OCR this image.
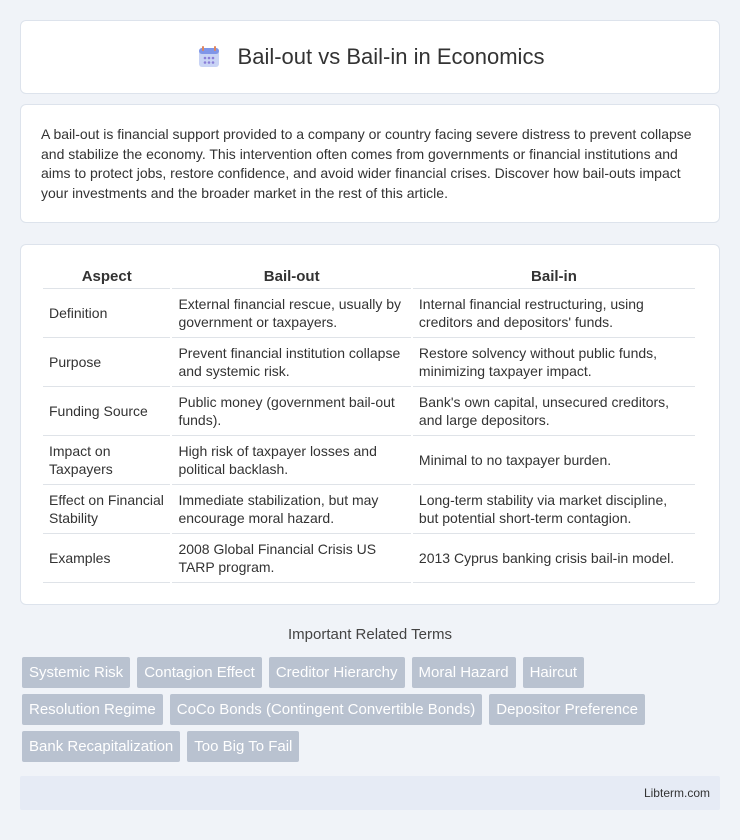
Bail-out vs Bail-in in Economics

A bail-out is financial support provided to a company or country facing severe distress to prevent collapse and stabilize the economy. This intervention often comes from governments or financial institutions and aims to protect jobs, restore confidence, and avoid wider financial crises. Discover how bail-outs impact your investments and the broader market in the rest of this article.

Aspect	Bail-out	Bail-in
Definition	External financial rescue, usually by government or taxpayers.	Internal financial restructuring, using creditors and depositors' funds.
Purpose	Prevent financial institution collapse and systemic risk.	Restore solvency without public funds, minimizing taxpayer impact.
Funding Source	Public money (government bail-out funds).	Bank's own capital, unsecured creditors, and large depositors.
Impact on Taxpayers	High risk of taxpayer losses and political backlash.	Minimal to no taxpayer burden.
Effect on Financial Stability	Immediate stabilization, but may encourage moral hazard.	Long-term stability via market discipline, but potential short-term contagion.
Examples	2008 Global Financial Crisis US TARP program.	2013 Cyprus banking crisis bail-in model.
Important Related Terms
Systemic Risk	Contagion Effect	Creditor Hierarchy	Moral Hazard	Haircut
Resolution Regime	CoCo Bonds (Contingent Convertible Bonds)	Depositor Preference
Bank Recapitalization	Too Big To Fail
Libterm.com
